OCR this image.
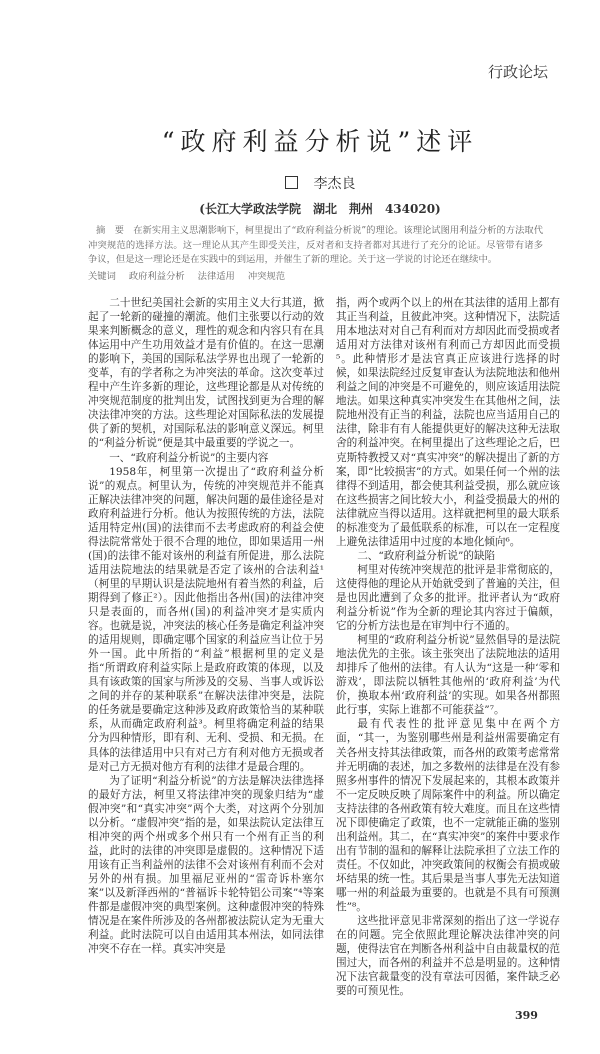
行政论坛
“政府利益分析说”述评
李杰良
(长江大学政法学院　湖北　荆州　434020)
摘　要　在新实用主义思潮影响下，柯里提出了“政府利益分析说”的理论。该理论试图用利益分析的方法取代冲突规范的选择方法。这一理论从其产生即受关注，反对者和支持者都对其进行了充分的论证。尽管带有诸多争议，但是这一理论还是在实践中的到运用，并催生了新的理论。关于这一学说的讨论还在继续中。
关键词 政府利益分析 法律适用 冲突规范

二十世纪美国社会新的实用主义大行其道，掀起了一轮新的碰撞的潮流。他们主张要以行动的效果来判断概念的意义，理性的观念和内容只有在具体运用中产生功用效益才是有价值的。在这一思潮的影响下，美国的国际私法学界也出现了一轮新的变革，有的学者称之为冲突法的革命。这次变革过程中产生许多新的理论，这些理论都是从对传统的冲突规范制度的批判出发，试图找到更为合理的解决法律冲突的方法。这些理论对国际私法的发展提供了新的契机，对国际私法的影响意义深远。柯里的“利益分析说”便是其中最重要的学说之一。

一、“政府利益分析说”的主要内容

1958年，柯里第一次提出了“政府利益分析说”的观点。柯里认为，传统的冲突规范并不能真正解决法律冲突的问题，解决问题的最佳途径是对政府利益进行分析。他认为按照传统的方法，法院适用特定州(国)的法律而不去考虑政府的利益会使得法院常常处于很不合理的地位，即如果适用一州(国)的法律不能对该州的利益有所促进，那么法院适用法院地法的结果就是否定了该州的合法利益¹（柯里的早期认识是法院地州有着当然的利益，后期得到了修正²）。因此他指出各州(国)的法律冲突只是表面的，而各州(国)的利益冲突才是实质内容。也就是说，冲突法的核心任务是确定利益冲突的适用规则，即确定哪个国家的利益应当让位于另外一国。此中所指的“利益”根据柯里的定义是指“所谓政府利益实际上是政府政策的体现，以及具有该政策的国家与所涉及的交易、当事人或诉讼之间的并存的某种联系”在解决法律冲突是，法院的任务就是要确定这种涉及政府政策恰当的某种联系，从而确定政府利益³。柯里将确定利益的结果分为四种情形，即有利、无利、受损、和无损。在具体的法律适用中只有对己方有利对他方无损或者是对己方无损对他方有利的法律才是最合理的。

为了证明“利益分析说”的方法是解决法律选择的最好方法，柯里又将法律冲突的现象归结为“虚假冲突”和“真实冲突”两个大类，对这两个分别加以分析。“虚假冲突”指的是，如果法院认定法律互相冲突的两个州或多个州只有一个州有正当的利益，此时的法律的冲突即是虚假的。这种情况下适用该有正当利益州的法律不会对该州有利而不会对另外的州有损。加里福尼亚州的“雷奇诉朴塞尔案”以及新泽西州的“普福诉卡轮特铝公司案”⁴等案件都是虚假冲突的典型案例。这种虚假冲突的特殊情况是在案件所涉及的各州都被法院认定为无重大利益。此时法院可以自由适用其本州法，如同法律冲突不存在一样。真实冲突是

指，两个或两个以上的州在其法律的适用上都有其正当利益，且彼此冲突。这种情况下，法院适用本地法对对自己有利而对方却因此而受损或者适用对方法律对该州有利而己方却因此而受损⁵。此种情形才是法官真正应该进行选择的时候，如果法院经过反复审查认为法院地法和他州利益之间的冲突是不可避免的，则应该适用法院地法。如果这种真实冲突发生在其他州之间，法院地州没有正当的利益，法院也应当适用自己的法律，除非有有人能提供更好的解决这种无法取舍的利益冲突。在柯里提出了这些理论之后，巴克斯特教授又对“真实冲突”的解决提出了新的方案，即“比较损害”的方式。如果任何一个州的法律得不到适用，都会使其利益受损，那么就应该在这些损害之间比较大小，利益受损最大的州的法律就应当得以适用。这样就把柯里的最大联系的标准变为了最低联系的标准，可以在一定程度上避免法律适用中过度的本地化倾向⁶。

二、“政府利益分析说”的缺陷

柯里对传统冲突规范的批评是非常彻底的，这使得他的理论从开始就受到了普遍的关注，但是也因此遭到了众多的批评。批评者认为“政府利益分析说”作为全新的理论其内容过于偏颇，它的分析方法也是在审判中行不通的。

柯里的“政府利益分析说”显然倡导的是法院地法优先的主张。该主张突出了法院地法的适用却排斥了他州的法律。有人认为“这是一种‘零和游戏’，即法院以牺牲其他州的‘政府利益’为代价，换取本州‘政府利益’的实现。如果各州都照此行事，实际上谁都不可能获益”⁷。

最有代表性的批评意见集中在两个方面，“其一，为鉴别哪些州是利益州需要确定有关各州支持其法律政策，而各州的政策考虑常常并无明确的表述，加之多数州的法律是在没有参照多州事件的情况下发展起来的，其根本政策并不一定反映反映了周际案件中的利益。所以确定支持法律的各州政策有较大难度。而且在这些情况下即使确定了政策，也不一定就能正确的鉴别出利益州。其二，在“真实冲突”的案件中要求作出有节制的温和的解释让法院承担了立法工作的责任。不仅如此，冲突政策间的权衡会有损或破坏结果的统一性。其后果是当事人事先无法知道哪一州的利益最为重要的。也就是不具有可预测性”⁸。

这些批评意见非常深刻的指出了这一学说存在的问题。完全依照此理论解决法律冲突的问题，使得法官在判断各州利益中自由裁量权的范围过大，而各州的利益并不总是明显的。这种情况下法官裁量变的没有章法可因循，案件缺乏必要的可预见性。

399
